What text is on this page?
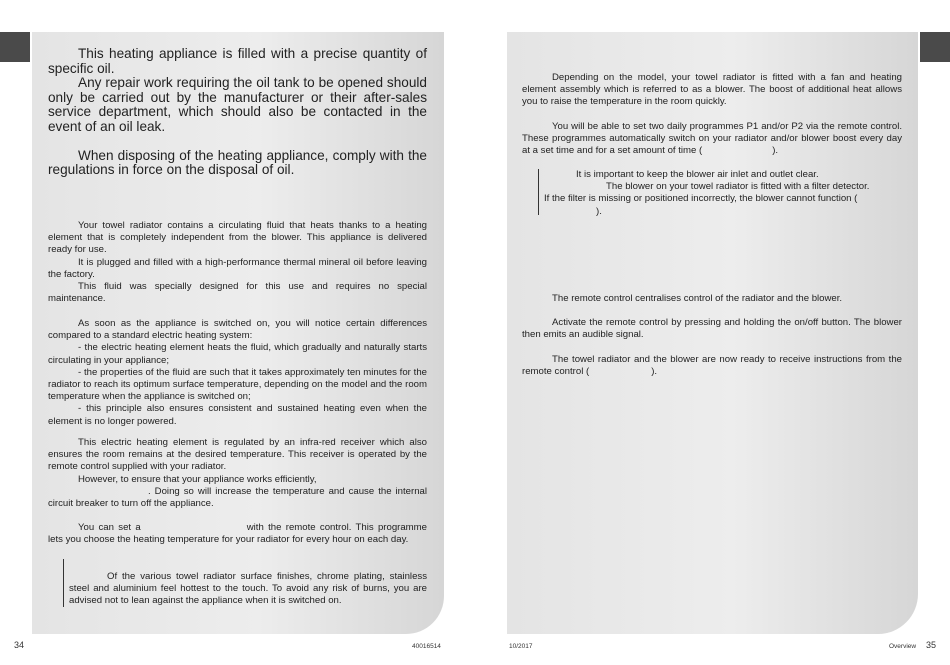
This heating appliance is filled with a precise quantity of specific oil.

Any repair work requiring the oil tank to be opened should only be carried out by the manufacturer or their after-sales service department, which should also be contacted in the event of an oil leak.

When disposing of the heating appliance, comply with the regulations in force on the disposal of oil.

Your towel radiator contains a circulating fluid that heats thanks to a heating element that is completely independent from the blower. This appliance is delivered ready for use.

It is plugged and filled with a high-performance thermal mineral oil before leaving the factory.

This fluid was specially designed for this use and requires no special maintenance.

As soon as the appliance is switched on, you will notice certain differences compared to a standard electric heating system:

- the electric heating element heats the fluid, which gradually and naturally starts circulating in your appliance;

- the properties of the fluid are such that it takes approximately ten minutes for the radiator to reach its optimum surface temperature, depending on the model and the room temperature when the appliance is switched on;

- this principle also ensures consistent and sustained heating even when the element is no longer powered.

This electric heating element is regulated by an infra-red receiver which also ensures the room remains at the desired temperature. This receiver is operated by the remote control supplied with your radiator.

However, to ensure that your appliance works efficiently,

. Doing so will increase the temperature and cause the internal circuit breaker to turn off the appliance.

You can set a	with the remote control. This programme lets you choose the heating temperature for your radiator for every hour on each day.

Of the various towel radiator surface finishes, chrome plating, stainless steel and aluminium feel hottest to the touch. To avoid any risk of burns, you are advised not to lean against the appliance when it is switched on.

Depending on the model, your towel radiator is fitted with a fan and heating element assembly which is referred to as a blower. The boost of additional heat allows you to raise the temperature in the room quickly.

You will be able to set two daily programmes P1 and/or P2 via the remote control. These programmes automatically switch on your radiator and/or blower boost every day at a set time and for a set amount of time (	).

It is important to keep the blower air inlet and outlet clear.

The blower on your towel radiator is fitted with a filter detector.

If the filter is missing or positioned incorrectly, the blower cannot function (

).

The remote control centralises control of the radiator and the blower.

Activate the remote control by pressing and holding the on/off button. The blower then emits an audible signal.

The towel radiator and the blower are now ready to receive instructions from the remote control (	).

34	40016514	10/2017	Overview 35
